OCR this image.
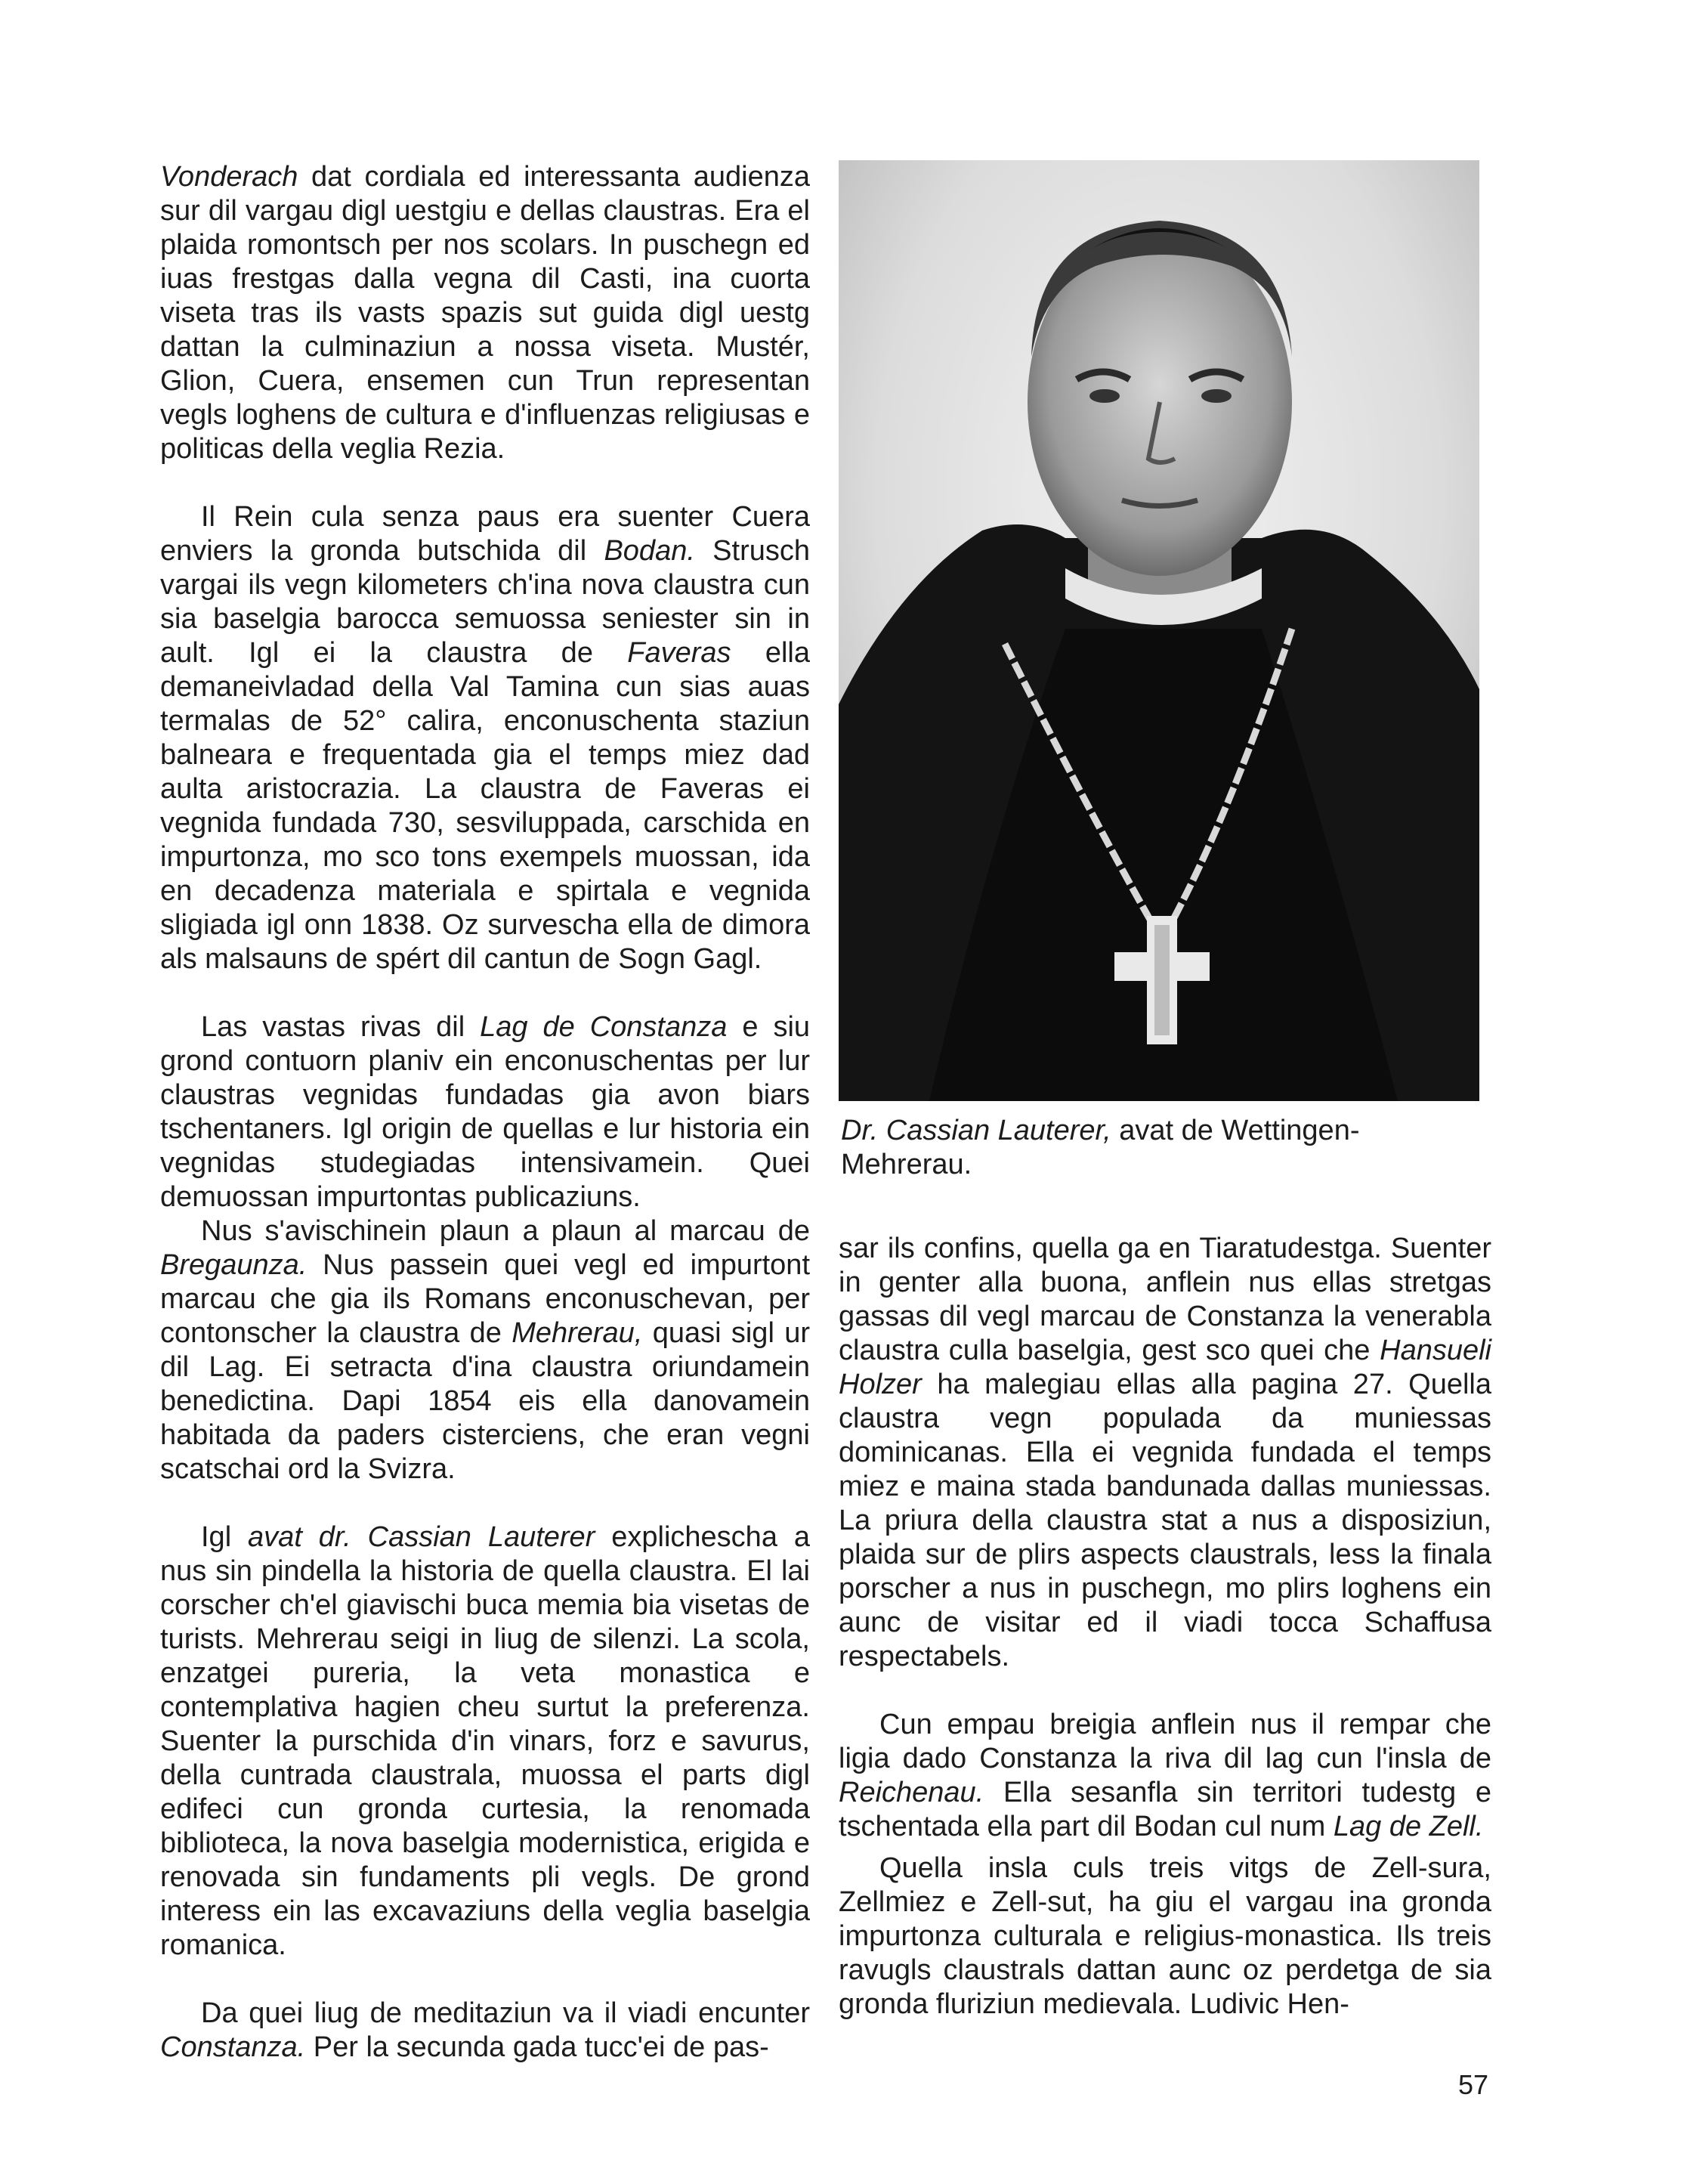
Vonderach dat cordiala ed interessanta audienza sur dil vargau digl uestgiu e dellas claustras. Era el plaida romontsch per nos scolars. In puschegn ed iuas frestgas dalla vegna dil Casti, ina cuorta viseta tras ils vasts spazis sut guida digl uestg dattan la culminaziun a nossa viseta. Mustér, Glion, Cuera, ensemen cun Trun representan vegls loghens de cultura e d'influenzas religiusas e politicas della veglia Rezia.

Il Rein cula senza paus era suenter Cuera enviers la gronda butschida dil Bodan. Strusch vargai ils vegn kilometers ch'ina nova claustra cun sia baselgia barocca semuossa seniester sin in ault. Igl ei la claustra de Faveras ella demaneivladad della Val Tamina cun sias auas termalas de 52° calira, enconuschenta staziun balneara e frequentada gia el temps miez dad aulta aristocrazia. La claustra de Faveras ei vegnida fundada 730, sesviluppada, carschida en impurtonza, mo sco tons exempels muossan, ida en decadenza materiala e spirtala e vegnida sligiada igl onn 1838. Oz survescha ella de dimora als malsauns de spért dil cantun de Sogn Gagl.

Las vastas rivas dil Lag de Constanza e siu grond contuorn planiv ein enconuschentas per lur claustras vegnidas fundadas gia avon biars tschentaners. Igl origin de quellas e lur historia ein vegnidas studegiadas intensivamein. Quei demuossan impurtontas publicaziuns.

Nus s'avischinein plaun a plaun al marcau de Bregaunza. Nus passein quei vegl ed impurtont marcau che gia ils Romans enconuschevan, per contonscher la claustra de Mehrerau, quasi sigl ur dil Lag. Ei setracta d'ina claustra oriundamein benedictina. Dapi 1854 eis ella danovamein habitada da paders cisterciens, che eran vegni scatschai ord la Svizra.

Igl avat dr. Cassian Lauterer explichescha a nus sin pindella la historia de quella claustra. El lai corscher ch'el giavischi buca memia bia visetas de turists. Mehrerau seigi in liug de silenzi. La scola, enzatgei pureria, la veta monastica e contemplativa hagien cheu surtut la preferenza. Suenter la purschida d'in vinars, forz e savurus, della cuntrada claustrala, muossa el parts digl edifeci cun gronda curtesia, la renomada biblioteca, la nova baselgia modernistica, erigida e renovada sin fundaments pli vegls. De grond interess ein las excavaziuns della veglia baselgia romanica.

Da quei liug de meditaziun va il viadi encunter Constanza. Per la secunda gada tucc'ei de pas-

Dr. Cassian Lauterer, avat de Wettingen-Mehrerau.

sar ils confins, quella ga en Tiaratudestga. Suenter in genter alla buona, anflein nus ellas stretgas gassas dil vegl marcau de Constanza la venerabla claustra culla baselgia, gest sco quei che Hansueli Holzer ha malegiau ellas alla pagina 27. Quella claustra vegn populada da muniessas dominicanas. Ella ei vegnida fundada el temps miez e maina stada bandunada dallas muniessas. La priura della claustra stat a nus a disposiziun, plaida sur de plirs aspects claustrals, less la finala porscher a nus in puschegn, mo plirs loghens ein aunc de visitar ed il viadi tocca Schaffusa respectabels.

Cun empau breigia anflein nus il rempar che ligia dado Constanza la riva dil lag cun l'insla de Reichenau. Ella sesanfla sin territori tudestg e tschentada ella part dil Bodan cul num Lag de Zell.

Quella insla culs treis vitgs de Zell-sura, Zellmiez e Zell-sut, ha giu el vargau ina gronda impurtonza culturala e religius-monastica. Ils treis ravugls claustrals dattan aunc oz perdetga de sia gronda fluriziun medievala. Ludivic Hen-

57
